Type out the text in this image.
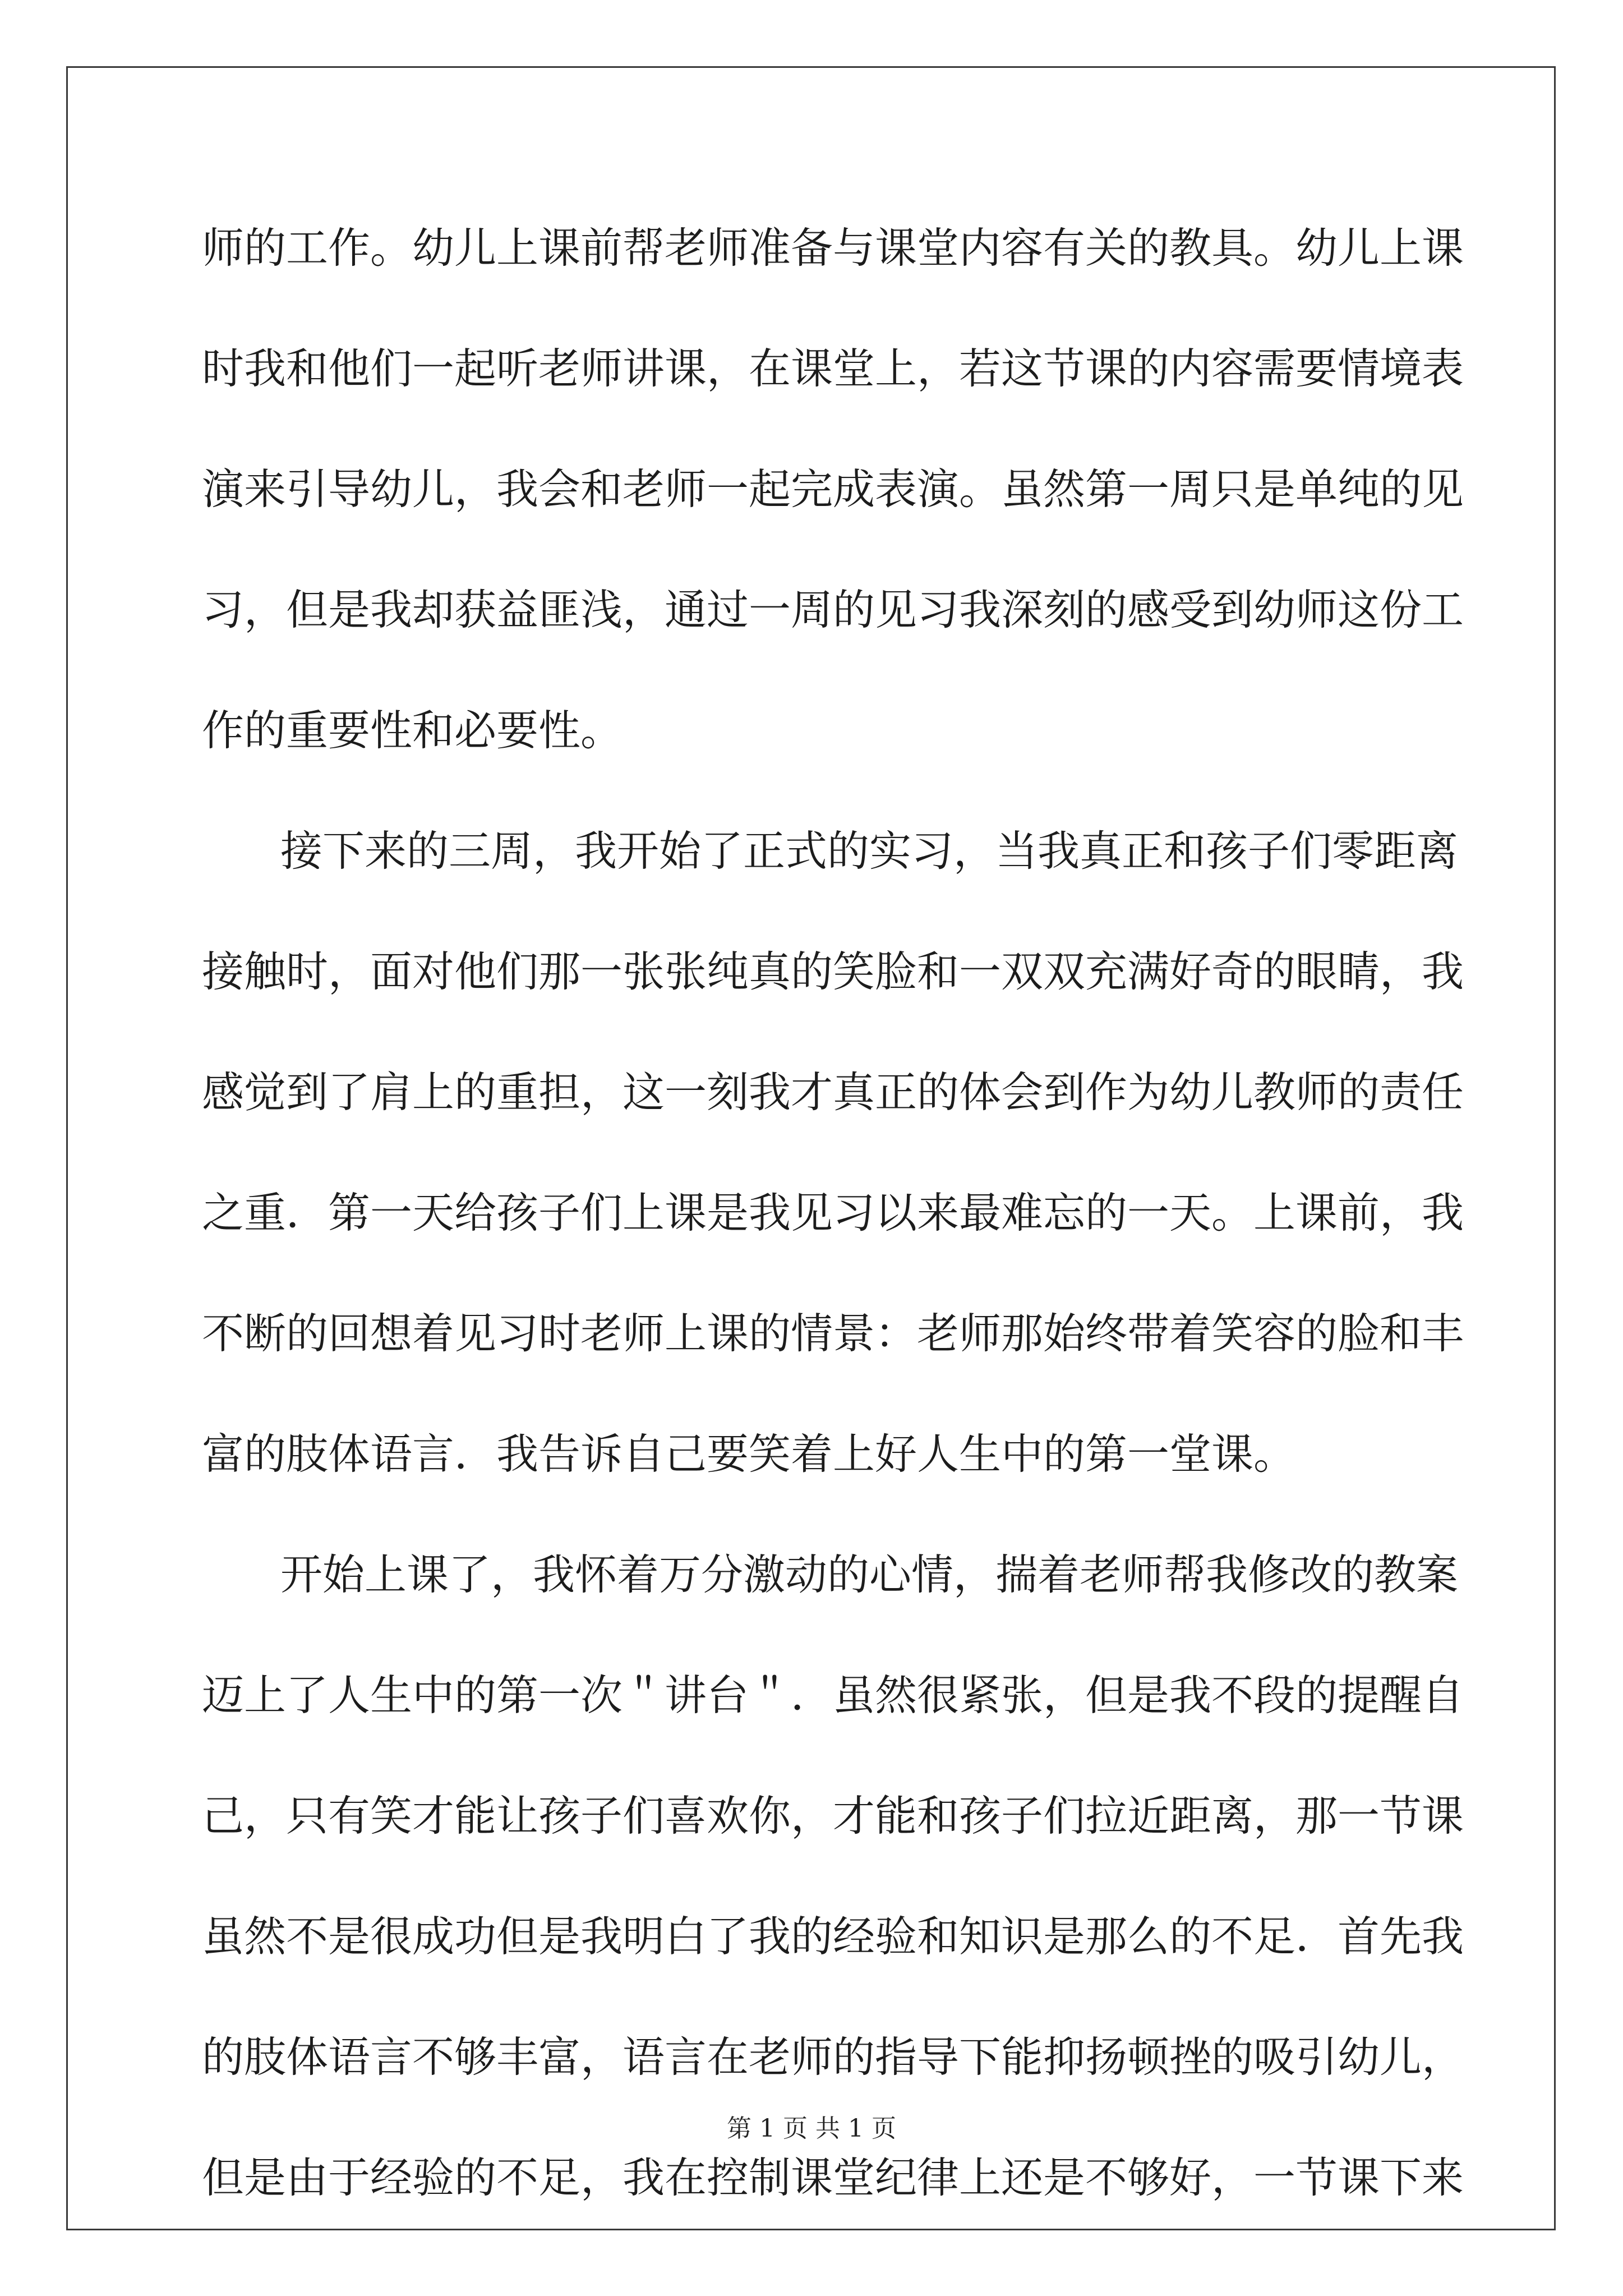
师的工作。幼儿上课前帮老师准备与课堂内容有关的教具。幼儿上课
时我和他们一起听老师讲课，在课堂上，若这节课的内容需要情境表
演来引导幼儿，我会和老师一起完成表演。虽然第一周只是单纯的见
习，但是我却获益匪浅，通过一周的见习我深刻的感受到幼师这份工
作的重要性和必要性。
接下来的三周，我开始了正式的实习，当我真正和孩子们零距离
接触时，面对他们那一张张纯真的笑脸和一双双充满好奇的眼睛，我
感觉到了肩上的重担，这一刻我才真正的体会到作为幼儿教师的责任
之重．第一天给孩子们上课是我见习以来最难忘的一天。上课前，我
不断的回想着见习时老师上课的情景：老师那始终带着笑容的脸和丰
富的肢体语言．我告诉自己要笑着上好人生中的第一堂课。
开始上课了，我怀着万分激动的心情，揣着老师帮我修改的教案
迈上了人生中的第一次＂讲台＂．虽然很紧张，但是我不段的提醒自
己，只有笑才能让孩子们喜欢你，才能和孩子们拉近距离，那一节课
虽然不是很成功但是我明白了我的经验和知识是那么的不足．首先我
的肢体语言不够丰富，语言在老师的指导下能抑扬顿挫的吸引幼儿，
但是由于经验的不足，我在控制课堂纪律上还是不够好，一节课下来
第 1 页 共 1 页
